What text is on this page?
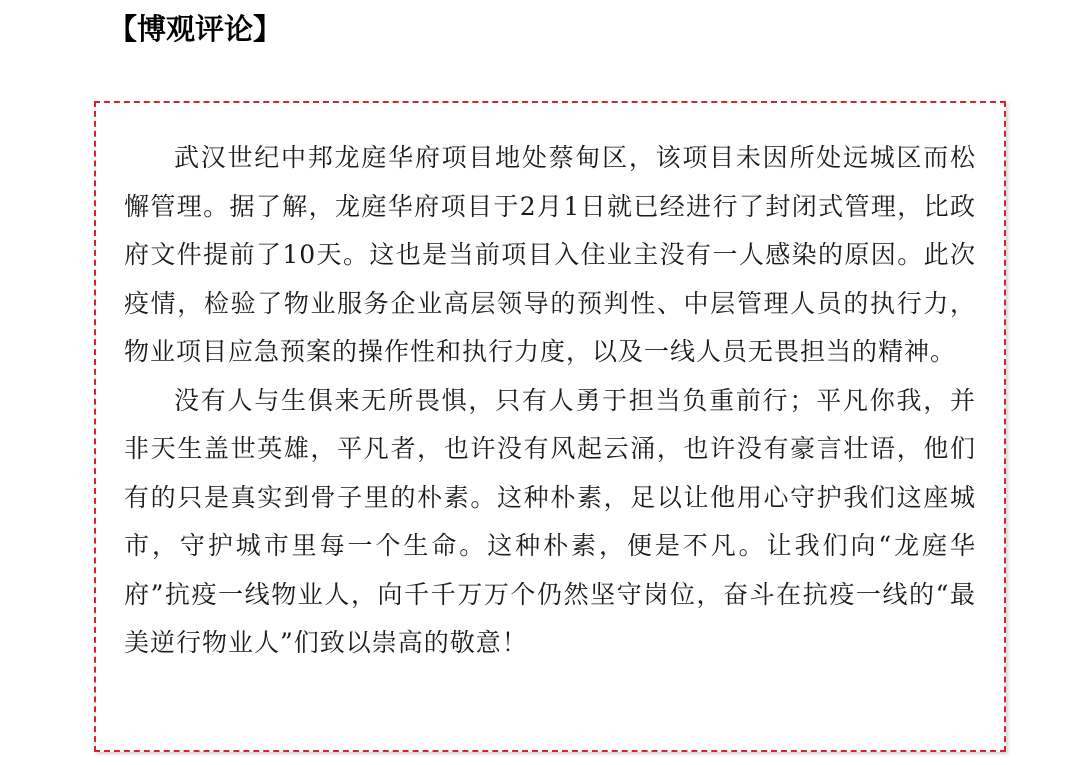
【博观评论】

武汉世纪中邦龙庭华府项目地处蔡甸区，该项目未因所处远城区而松懈管理。据了解，龙庭华府项目于2月1日就已经进行了封闭式管理，比政府文件提前了10天。这也是当前项目入住业主没有一人感染的原因。此次疫情，检验了物业服务企业高层领导的预判性、中层管理人员的执行力，物业项目应急预案的操作性和执行力度，以及一线人员无畏担当的精神。

没有人与生俱来无所畏惧，只有人勇于担当负重前行；平凡你我，并非天生盖世英雄，平凡者，也许没有风起云涌，也许没有豪言壮语，他们有的只是真实到骨子里的朴素。这种朴素，足以让他用心守护我们这座城市，守护城市里每一个生命。这种朴素，便是不凡。让我们向“龙庭华府”抗疫一线物业人，向千千万万个仍然坚守岗位，奋斗在抗疫一线的“最美逆行物业人”们致以崇高的敬意！
